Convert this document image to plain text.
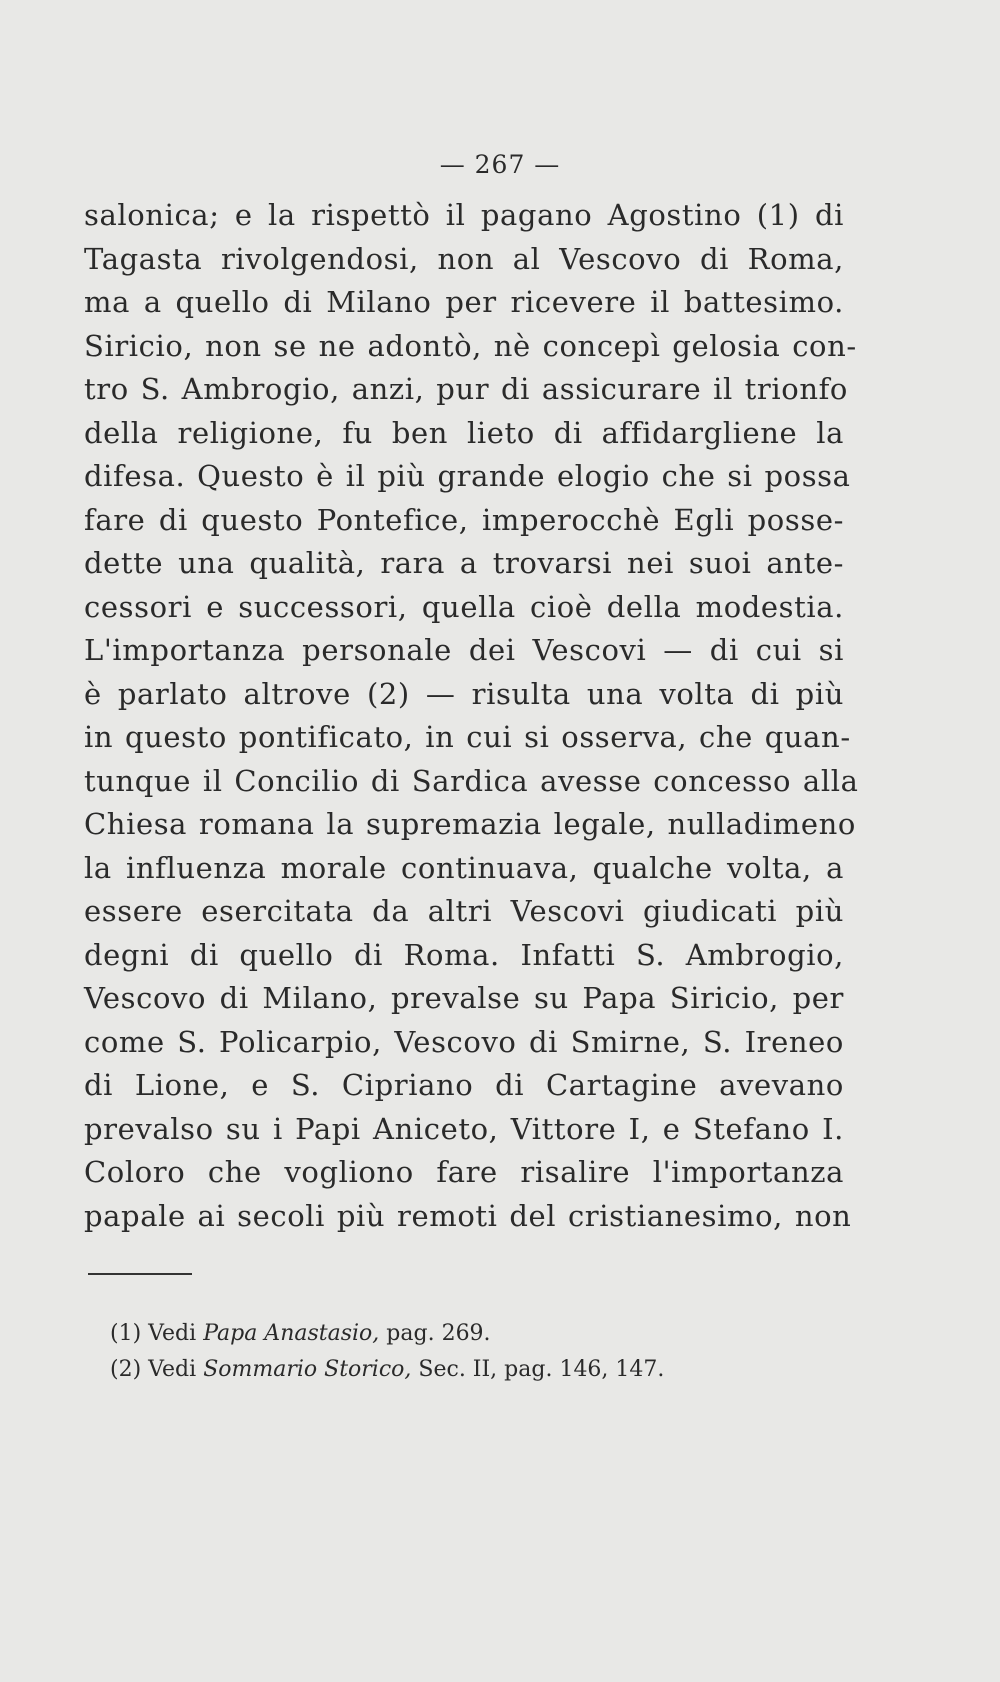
— 267 —
salonica; e la rispettò il pagano Agostino (1) di
Tagasta rivolgendosi, non al Vescovo di Roma,
ma a quello di Milano per ricevere il battesimo.
Siricio, non se ne adontò, nè concepì gelosia con-
tro S. Ambrogio, anzi, pur di assicurare il trionfo
della religione, fu ben lieto di affidargliene la
difesa. Questo è il più grande elogio che si possa
fare di questo Pontefice, imperocchè Egli posse-
dette una qualità, rara a trovarsi nei suoi ante-
cessori e successori, quella cioè della modestia.
L'importanza personale dei Vescovi — di cui si
è parlato altrove (2) — risulta una volta di più
in questo pontificato, in cui si osserva, che quan-
tunque il Concilio di Sardica avesse concesso alla
Chiesa romana la supremazia legale, nulladimeno
la influenza morale continuava, qualche volta, a
essere esercitata da altri Vescovi giudicati più
degni di quello di Roma. Infatti S. Ambrogio,
Vescovo di Milano, prevalse su Papa Siricio, per
come S. Policarpio, Vescovo di Smirne, S. Ireneo
di Lione, e S. Cipriano di Cartagine avevano
prevalso su i Papi Aniceto, Vittore I, e Stefano I.
Coloro che vogliono fare risalire l'importanza
papale ai secoli più remoti del cristianesimo, non
(1) Vedi Papa Anastasio, pag. 269.
(2) Vedi Sommario Storico, Sec. II, pag. 146, 147.
